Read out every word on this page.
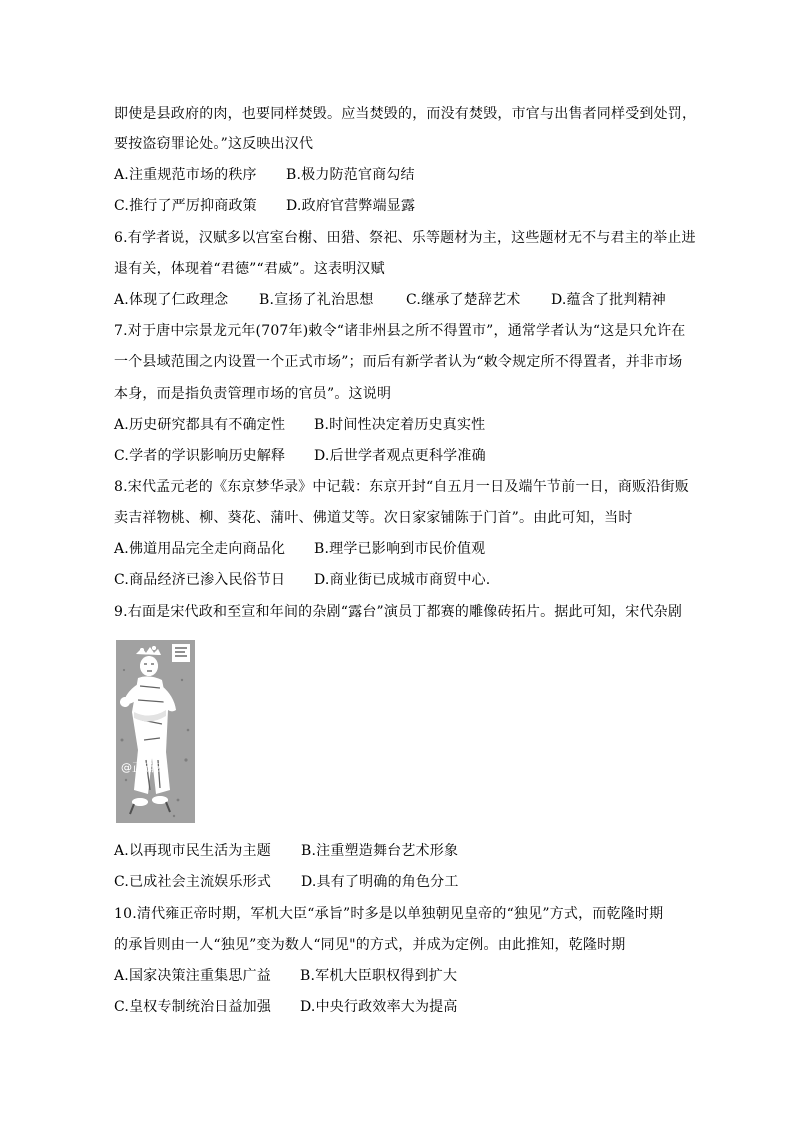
即使是县政府的肉，也要同样焚毁。应当焚毁的，而没有焚毁，市官与出售者同样受到处罚，
要按盗窃罪论处。”这反映出汉代
A.注重规范市场的秩序 B.极力防范官商勾结
C.推行了严厉抑商政策 D.政府官营弊端显露
6.有学者说，汉赋多以宫室台榭、田猎、祭祀、乐等题材为主，这些题材无不与君主的举止进
退有关，体现着“君德”“君威”。这表明汉赋
A.体现了仁政理念 B.宣扬了礼治思想 C.继承了楚辞艺术 D.蕴含了批判精神
7.对于唐中宗景龙元年(707年)敕令“诸非州县之所不得置市”，通常学者认为“这是只允许在
一个县域范围之内设置一个正式市场”；而后有新学者认为“敕令规定所不得置者，并非市场
本身，而是指负责管理市场的官员”。这说明
A.历史研究都具有不确定性 B.时间性决定着历史真实性
C.学者的学识影响历史解释 D.后世学者观点更科学准确
8.宋代孟元老的《东京梦华录》中记载：东京开封“自五月一日及端午节前一日，商贩沿街贩
卖吉祥物桃、柳、葵花、蒲叶、佛道艾等。次日家家铺陈于门首”。由此可知，当时
A.佛道用品完全走向商品化 B.理学已影响到市民价值观
C.商品经济已渗入民俗节日 D.商业街已成城市商贸中心.
9.右面是宋代政和至宣和年间的杂剧“露台”演员丁都赛的雕像砖拓片。据此可知，宋代杂剧
@正确云
A.以再现市民生活为主题 B.注重塑造舞台艺术形象
C.已成社会主流娱乐形式 D.具有了明确的角色分工
10.清代雍正帝时期，军机大臣“承旨”时多是以单独朝见皇帝的“独见”方式，而乾隆时期
的承旨则由一人“独见”变为数人“同见"的方式，并成为定例。由此推知，乾隆时期
A.国家决策注重集思广益 B.军机大臣职权得到扩大
C.皇权专制统治日益加强 D.中央行政效率大为提高
